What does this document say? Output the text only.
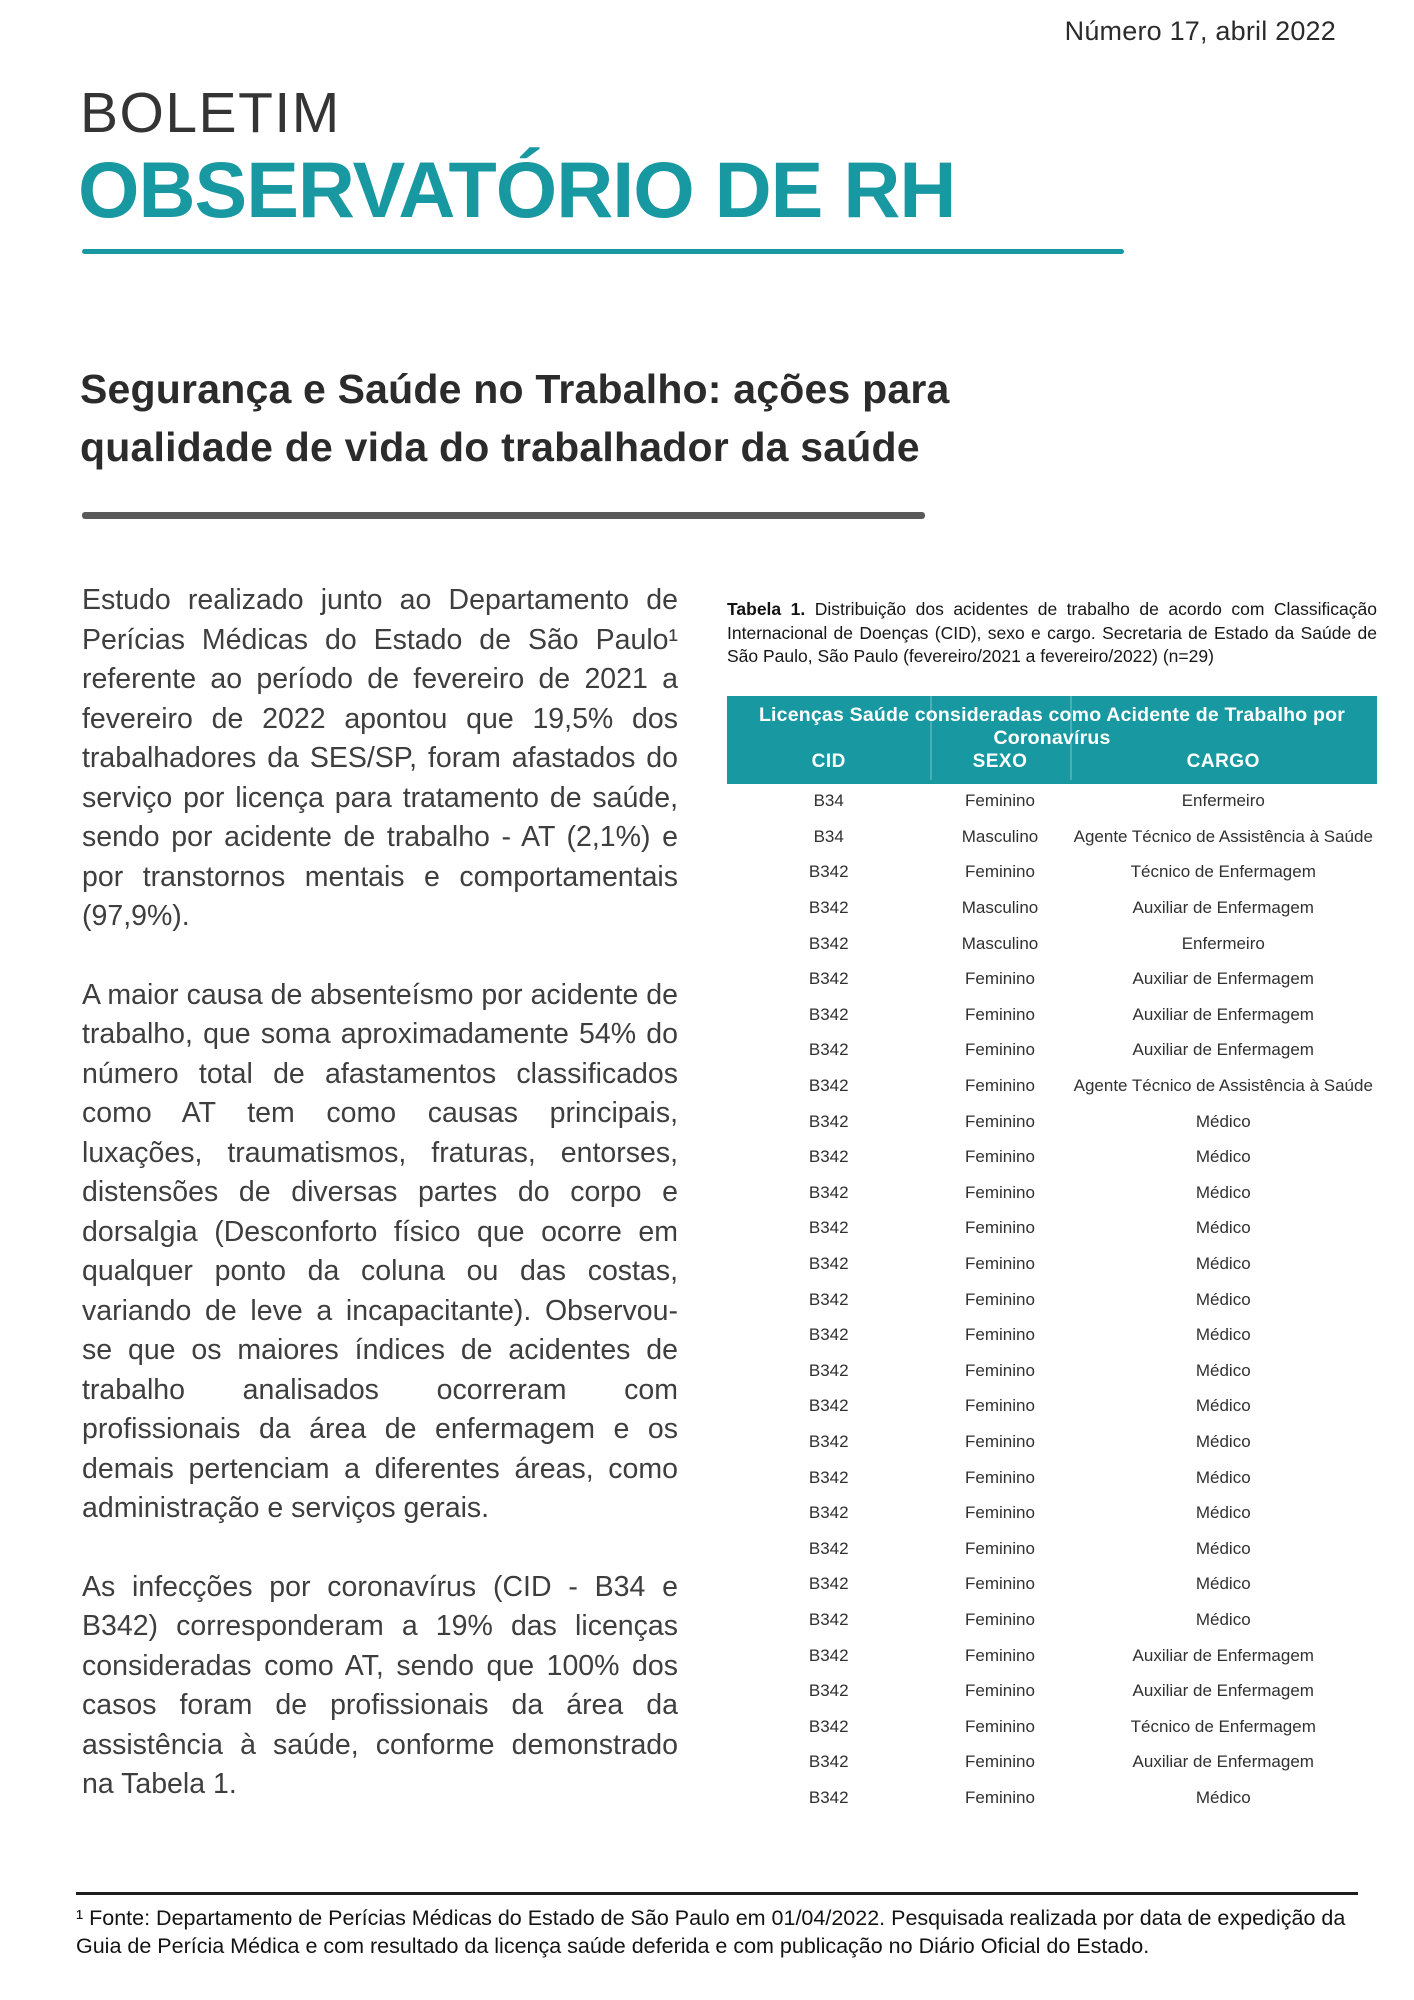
Número 17, abril 2022
BOLETIM
OBSERVATÓRIO DE RH
Segurança e Saúde no Trabalho: ações para qualidade de vida do trabalhador da saúde

Estudo realizado junto ao Departamento de Perícias Médicas do Estado de São Paulo¹ referente ao período de fevereiro de 2021 a fevereiro de 2022 apontou que 19,5% dos trabalhadores da SES/SP, foram afastados do serviço por licença para tratamento de saúde, sendo por acidente de trabalho - AT (2,1%) e por transtornos mentais e comportamentais (97,9%).

A maior causa de absenteísmo por acidente de trabalho, que soma aproximadamente 54% do número total de afastamentos classificados como AT tem como causas principais, luxações, traumatismos, fraturas, entorses, distensões de diversas partes do corpo e dorsalgia (Desconforto físico que ocorre em qualquer ponto da coluna ou das costas, variando de leve a incapacitante). Observou-se que os maiores índices de acidentes de trabalho analisados ocorreram com profissionais da área de enfermagem e os demais pertenciam a diferentes áreas, como administração e serviços gerais.

As infecções por coronavírus (CID - B34 e B342) corresponderam a 19% das licenças consideradas como AT, sendo que 100% dos casos foram de profissionais da área da assistência à saúde, conforme demonstrado na Tabela 1.

Tabela 1. Distribuição dos acidentes de trabalho de acordo com Classificação Internacional de Doenças (CID), sexo e cargo. Secretaria de Estado da Saúde de São Paulo, São Paulo (fevereiro/2021 a fevereiro/2022) (n=29)

Licenças Saúde consideradas como Acidente de Trabalho por Coronavírus		
CID	SEXO	CARGO
B34	Feminino	Enfermeiro
B34	Masculino	Agente Técnico de Assistência à Saúde
B342	Feminino	Técnico de Enfermagem
B342	Masculino	Auxiliar de Enfermagem
B342	Masculino	Enfermeiro
B342	Feminino	Auxiliar de Enfermagem
B342	Feminino	Auxiliar de Enfermagem
B342	Feminino	Auxiliar de Enfermagem
B342	Feminino	Agente Técnico de Assistência à Saúde
B342	Feminino	Médico
B342	Feminino	Médico
B342	Feminino	Médico
B342	Feminino	Médico
B342	Feminino	Médico
B342	Feminino	Médico
B342	Feminino	Médico
B342	Feminino	Médico
B342	Feminino	Médico
B342	Feminino	Médico
B342	Feminino	Médico
B342	Feminino	Médico
B342	Feminino	Médico
B342	Feminino	Médico
B342	Feminino	Médico
B342	Feminino	Auxiliar de Enfermagem
B342	Feminino	Auxiliar de Enfermagem
B342	Feminino	Técnico de Enfermagem
B342	Feminino	Auxiliar de Enfermagem
B342	Feminino	Médico

¹ Fonte: Departamento de Perícias Médicas do Estado de São Paulo em 01/04/2022. Pesquisada realizada por data de expedição da Guia de Perícia Médica e com resultado da licença saúde deferida e com publicação no Diário Oficial do Estado.
